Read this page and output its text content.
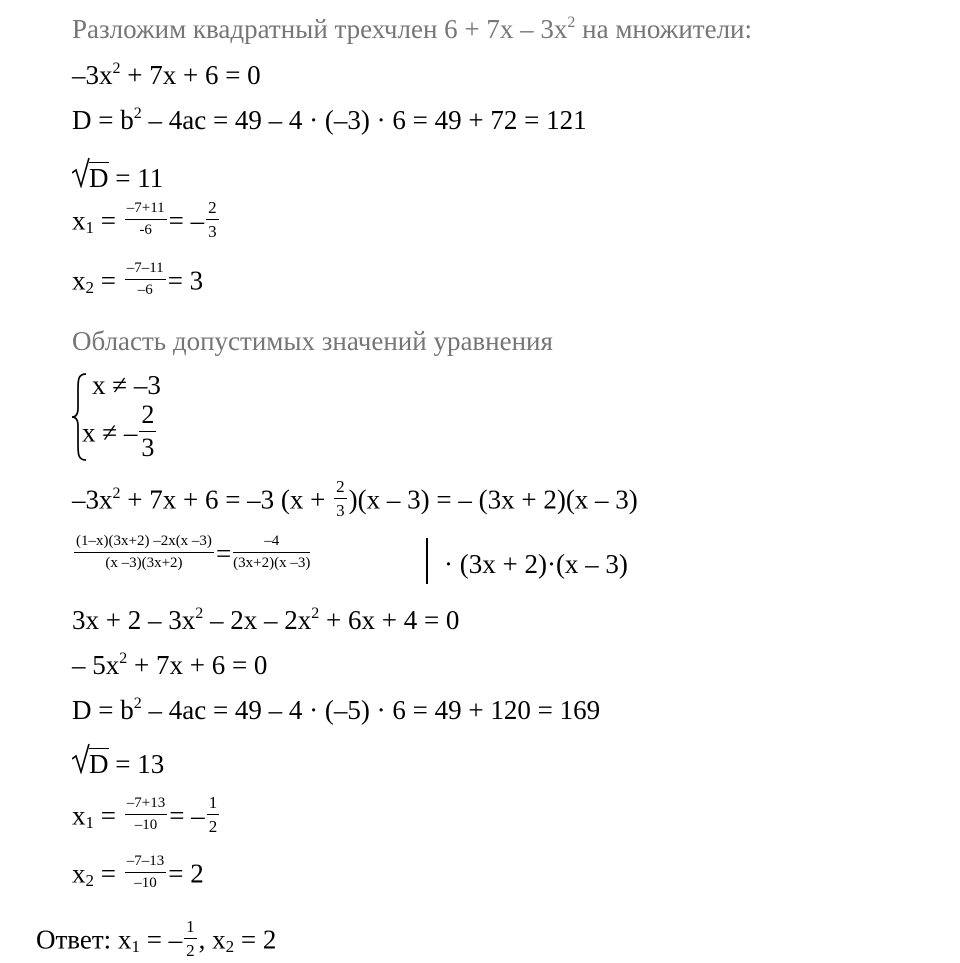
Разложим квадратный трехчлен $6 + 7x - 3x^2$ на множители:
$-3x^2 + 7x + 6 = 0$
$D = b^2 - 4ac = 49 - 4 \cdot (-3) \cdot 6 = 49 + 72 = 121$
D = 11
$x_1 = \frac{-7+11}{-6}$ = – $\frac{2}{3}$
$x_2 = \frac{-7-11}{-6} = 3$
Область допустимых значений уравнения
x ≠ –3
x ≠ – $\frac{2}{3}$
$-3x^2 + 7x + 6 = -3$ $(x + \frac{2}{3} )(x - 3)$ = – (3x + 2)(x – 3)
$\frac{(1-x)(3x+2) -2x(x -3)}{(x -3)(3x+2)} = \frac{-4}{(3x+2)(x -3)}$	· (3x + 2)·(x – 3)
$3x + 2 - 3x^2 - 2x - 2x^2 + 6x + 4 = 0$
– $5x^2 + 7x + 6 = 0$
$D = b^2 - 4ac = 49 - 4 \cdot (-5) \cdot 6 = 49 + 120 = 169$
D = 13
$x_1 = \frac{-7+13}{-10}$ = – $\frac{1}{2}$
$x_2 = \frac{-7-13}{-10} = 2$
Ответ: $x_1$ = – $\frac{1}{2}$ , $x_2 = 2$
